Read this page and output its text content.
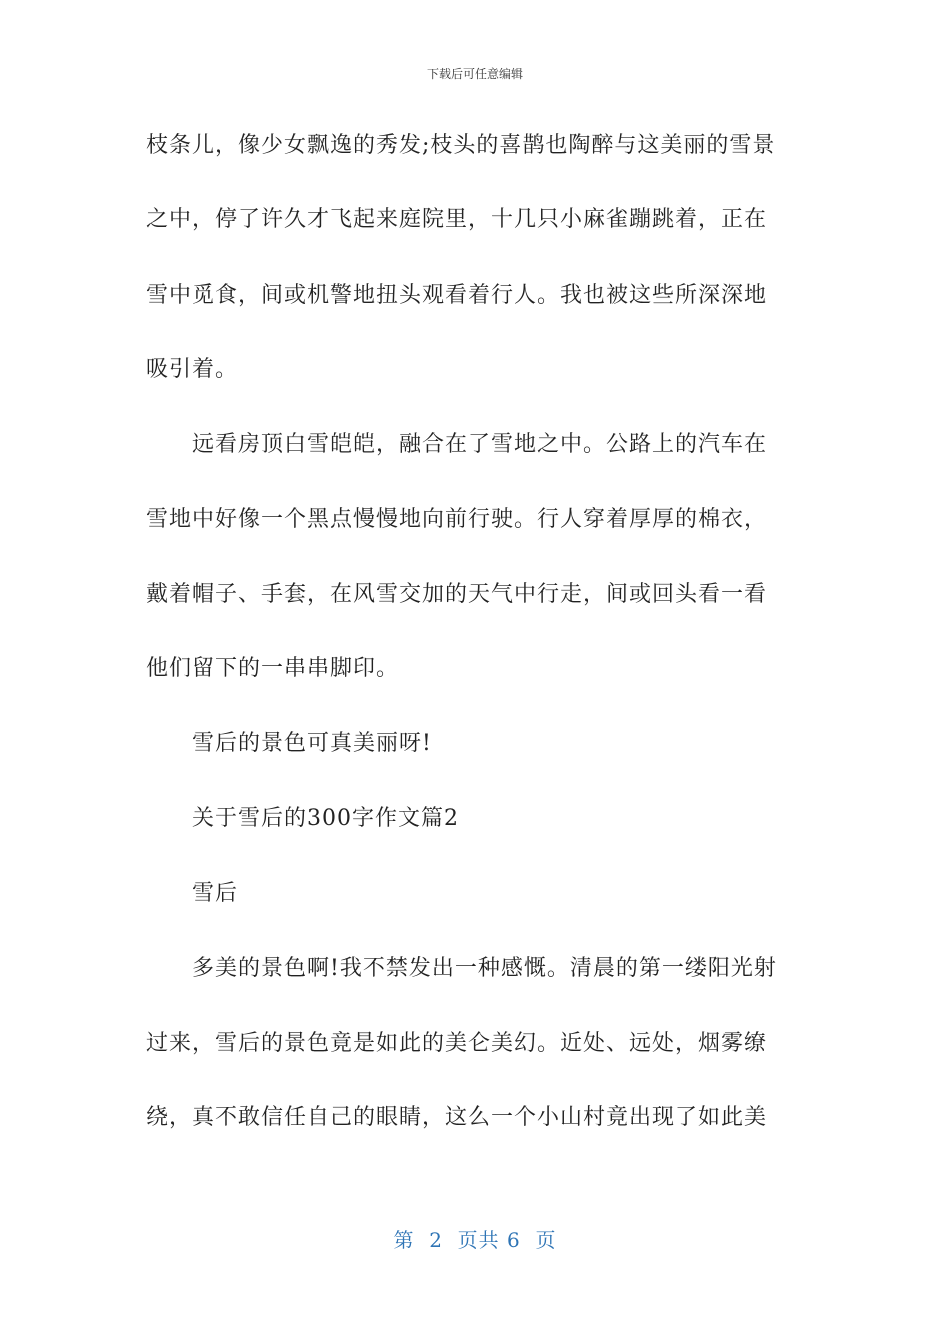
下载后可任意编辑
枝条儿，像少女飘逸的秀发;枝头的喜鹊也陶醉与这美丽的雪景
之中，停了许久才飞起来庭院里，十几只小麻雀蹦跳着，正在
雪中觅食，间或机警地扭头观看着行人。我也被这些所深深地
吸引着。
远看房顶白雪皑皑，融合在了雪地之中。公路上的汽车在
雪地中好像一个黑点慢慢地向前行驶。行人穿着厚厚的棉衣，
戴着帽子、手套，在风雪交加的天气中行走，间或回头看一看
他们留下的一串串脚印。
雪后的景色可真美丽呀!
关于雪后的300字作文篇2
雪后
多美的景色啊!我不禁发出一种感慨。清晨的第一缕阳光射
过来，雪后的景色竟是如此的美仑美幻。近处、远处，烟雾缭
绕，真不敢信任自己的眼睛，这么一个小山村竟出现了如此美
第  2  页共 6  页
